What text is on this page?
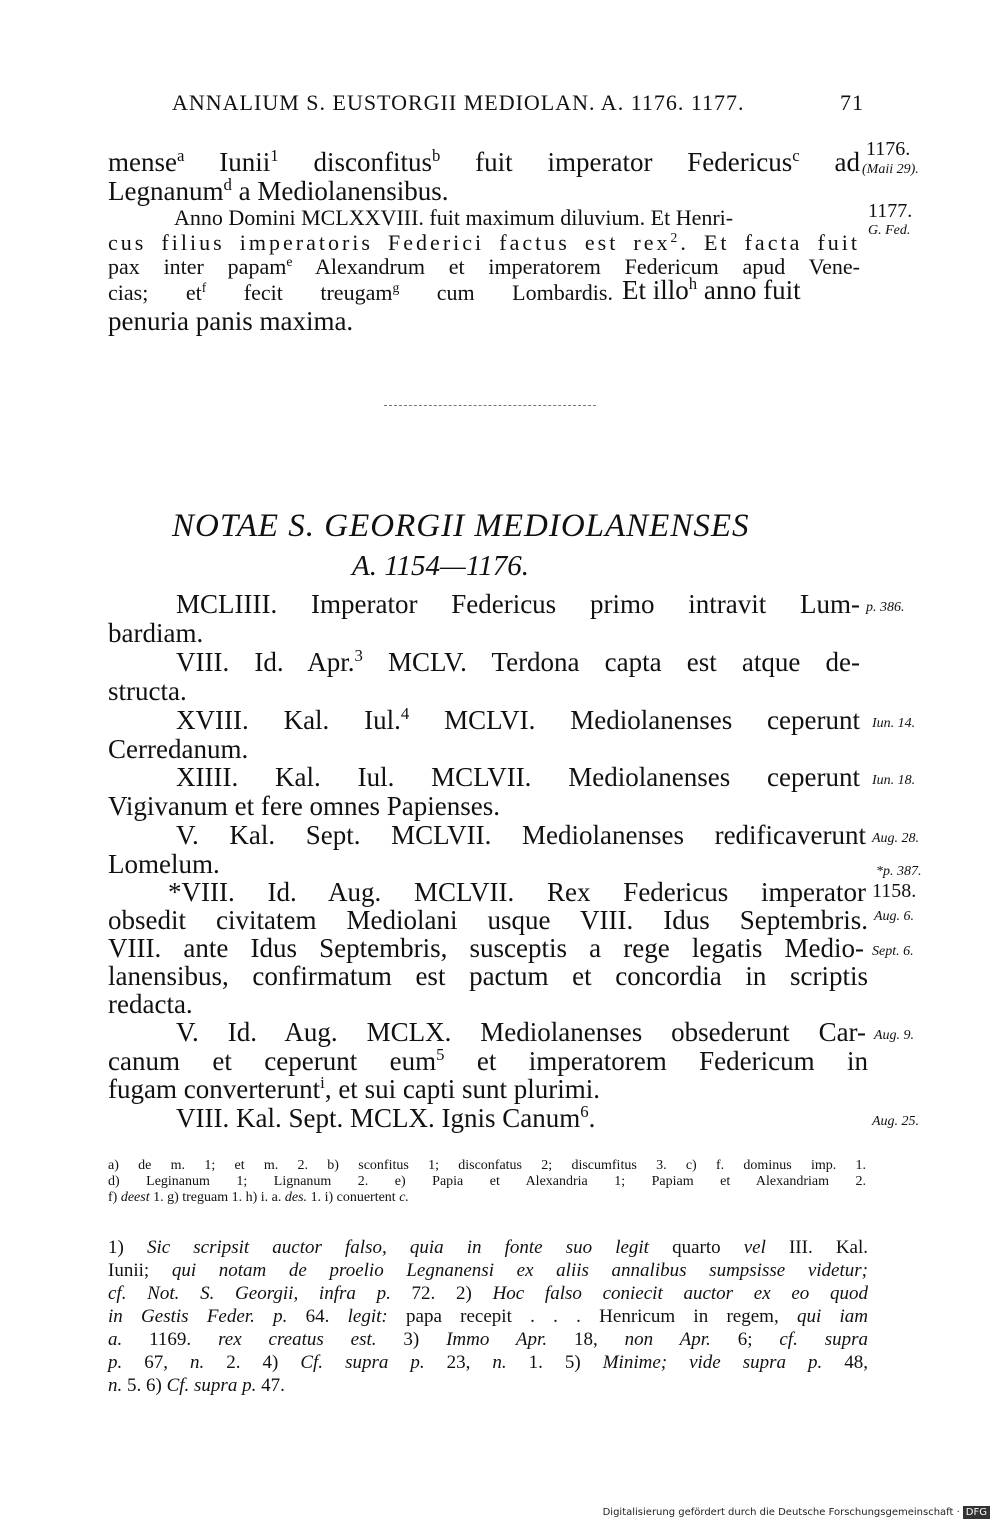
ANNALIUM S. EUSTORGII MEDIOLAN. A. 1176. 1177.	71
mense$^a$ Iunii$^1$ disconfitus$^b$ fuit imperator Federicus$^c$ ad 1176.
(Maii 29).
Legnanum$^d$ a Mediolanensibus.
Anno Domini MCLXXVIII. fuit maximum diluvium. Et Henri-	1177.
G. Fed.
cus filius imperatoris Federici factus est rex$^2$. Et facta fuit
pax inter papam$^e$ Alexandrum et imperatorem Federicum apud Vene-
cias; $et^f$ fecit treugam$^g$ cum Lombardis. Et illo$^h$ anno fuit
penuria panis maxima.
NOTAE S. GEORGII MEDIOLANENSES
A. 1154—1176.
MCLIIII. Imperator Federicus primo intravit Lum- p. 386.
bardiam.
VIII. Id. Apr.$^3$ MCLV. Terdona capta est atque de-
structa.
XVIII. Kal. Iul.$^4$ MCLVI. Mediolanenses ceperunt Iun. 14.
Cerredanum.
XIIII. Kal. Iul. MCLVII. Mediolanenses ceperunt Iun. 18.
Vigivanum et fere omnes Papienses.
V. Kal. Sept. MCLVII. Mediolanenses redificaverunt Aug. 28.
Lomelum.	*p. 387.
*VIII. Id. Aug. MCLVII. Rex Federicus imperator 1158.
obsedit civitatem Mediolani usque VIII. Idus Septembris. Aug. 6.
VIII. ante Idus Septembris, susceptis a rege legatis Medio- Sept. 6.
lanensibus, confirmatum est pactum et concordia in scriptis
redacta.
V. Id. Aug. MCLX. Mediolanenses obsederunt Car- Aug. 9.
canum et ceperunt eum$^5$ et imperatorem Federicum in
fugam converterunt$^i$, et sui capti sunt plurimi.
VIII. Kal. Sept. MCLX. Ignis Canum$^6$.	Aug. 25.
a) de m. 1; et m. 2. b) sconfitus 1; disconfatus 2; discumfitus 3. c) f. dominus imp. 1.
d) Leginanum 1; Lignanum 2. e) Papia et Alexandria 1; Papiam et Alexandriam 2.
f) deest 1. g) treguam 1. h) i. a. des. 1. i) conuertent c.
1) Sic scripsit auctor falso, quia in fonte suo legit quarto vel III. Kal.
Iunii; qui notam de proelio Legnanensi ex aliis annalibus sumpsisse videtur;
cf. Not. S. Georgii, infra p. 72. 2) Hoc falso coniecit auctor ex eo quod
in Gestis Feder. p. 64. legit: papa recepit . . . Henricum in regem, qui iam
a. 1169. rex creatus est. 3) Immo Apr. 18, non Apr. 6; cf. supra
p. 67, n. 2. 4) Cf. supra p. 23, n. 1. 5) Minime; vide supra p. 48,
n. 5. 6) Cf. supra p. 47.
Digitalisierung gefördert durch die Deutsche Forschungsgemeinschaft · DFG
